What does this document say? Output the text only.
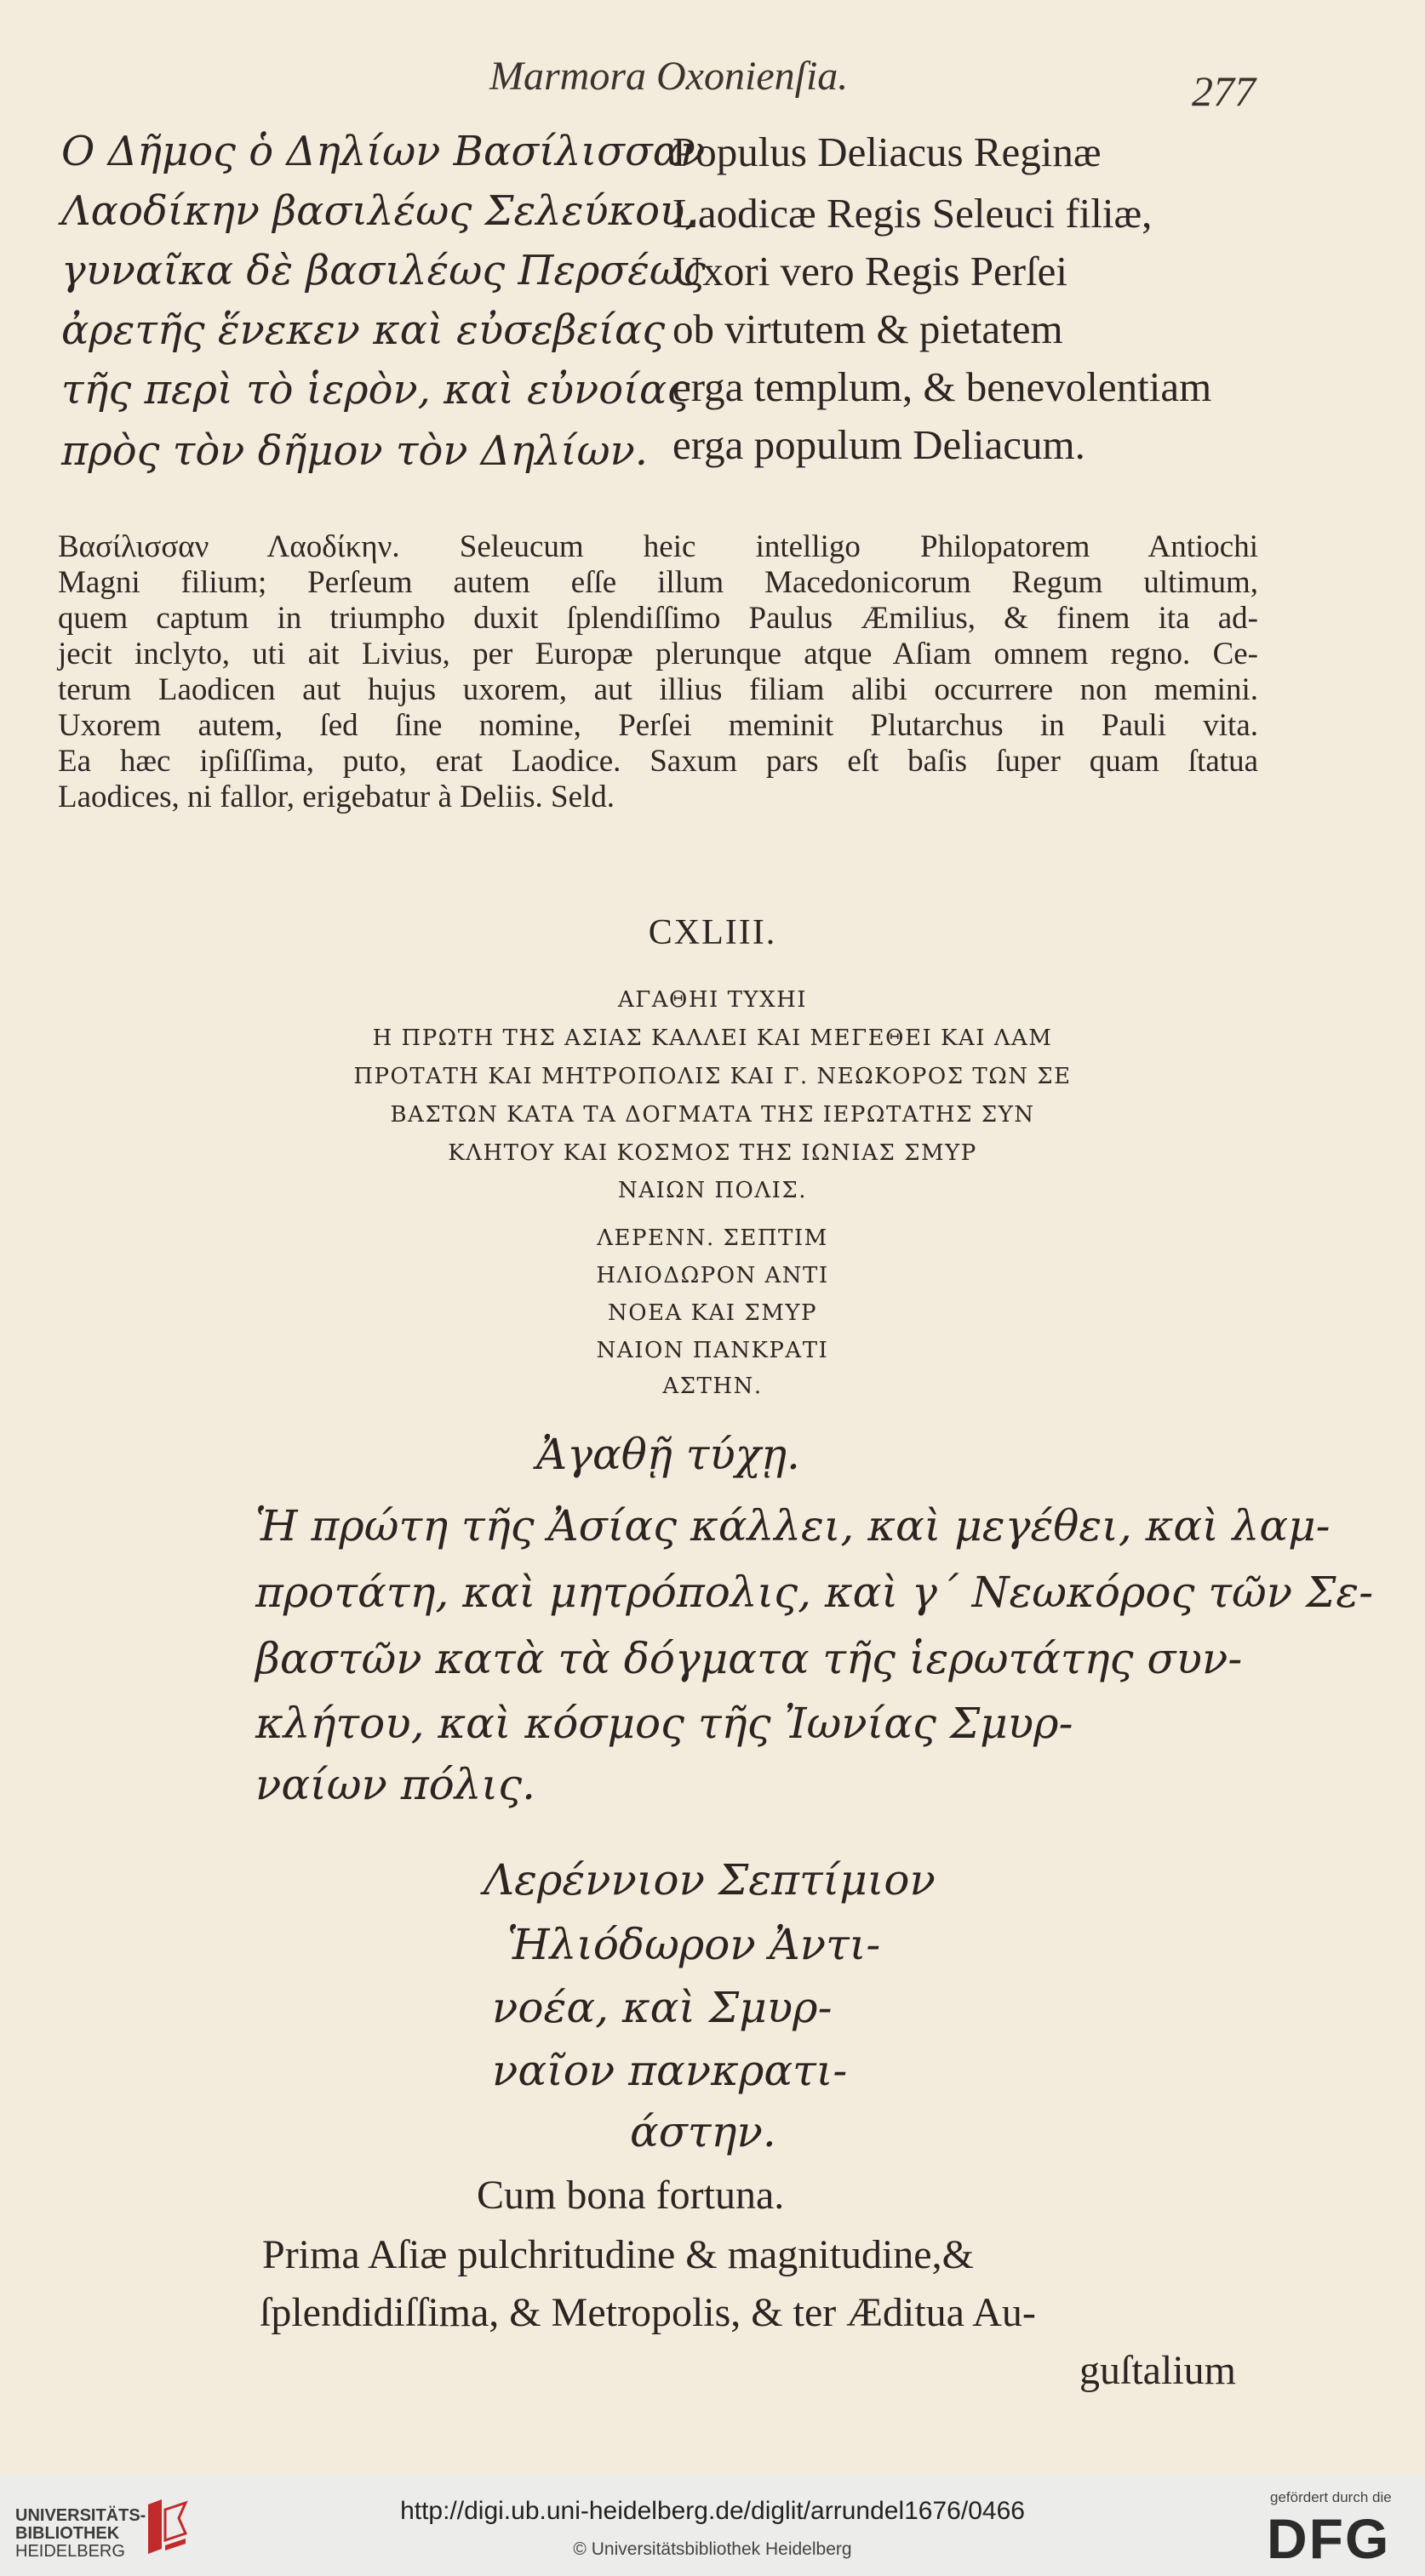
Marmora Oxonienſia.	277
Ο Δῆμος ὁ Δηλίων Βασίλισσαν
Λαοδίκην βασιλέως Σελεύκου,
γυναῖκα δὲ βασιλέως Περσέως
ἀρετῆς ἕνεκεν καὶ εὐσεβείας
τῆς περὶ τὸ ἱερὸν, καὶ εὐνοίας
πρὸς τὸν δῆμον τὸν Δηλίων.
Populus Deliacus Reginæ
Laodicæ Regis Seleuci filiæ,
Uxori vero Regis Perſei
ob virtutem & pietatem
erga templum, & benevolentiam
erga populum Deliacum.
Βασίλισσαν Λαοδίκην. Seleucum heic intelligo Philopatorem Antiochi
Magni filium; Perſeum autem eſſe illum Macedonicorum Regum ultimum,
quem captum in triumpho duxit ſplendiſſimo Paulus Æmilius, & finem ita ad-
jecit inclyto, uti ait Livius, per Europæ plerunque atque Aſiam omnem regno. Ce-
terum Laodicen aut hujus uxorem, aut illius filiam alibi occurrere non memini.
Uxorem autem, ſed ſine nomine, Perſei meminit Plutarchus in Pauli vita.
Ea hæc ipſiſſima, puto, erat Laodice. Saxum pars eſt baſis ſuper quam ſtatua
Laodices, ni fallor, erigebatur à Deliis. Seld.
CXLIII.
ΑΓΑΘΗΙ ΤΥΧΗΙ
Η ΠΡΩΤΗ ΤΗΣ ΑΣΙΑΣ ΚΑΛΛΕΙ ΚΑΙ ΜΕΓΕΘΕΙ ΚΑΙ ΛΑΜ
ΠΡΟΤΑΤΗ ΚΑΙ ΜΗΤΡΟΠΟΛΙΣ ΚΑΙ Γ. ΝΕΩΚΟΡΟΣ ΤΩΝ ΣΕ
ΒΑΣΤΩΝ ΚΑΤΑ ΤΑ ΔΟΓΜΑΤΑ ΤΗΣ ΙΕΡΩΤΑΤΗΣ ΣΥΝ
ΚΛΗΤΟΥ ΚΑΙ ΚΟΣΜΟΣ ΤΗΣ ΙΩΝΙΑΣ ΣΜΥΡ
ΝΑΙΩΝ ΠΟΛΙΣ.
ΛΕΡΕΝΝ. ΣΕΠΤΙΜ
ΗΛΙΟΔΩΡΟΝ ΑΝΤΙ
ΝΟΕΑ ΚΑΙ ΣΜΥΡ
ΝΑΙΟΝ ΠΑΝΚΡΑΤΙ
ΑΣΤΗΝ.
Ἀγαθῇ τύχῃ.
Ἡ πρώτη τῆς Ἀσίας κάλλει, καὶ μεγέθει, καὶ λαμ-
προτάτη, καὶ μητρόπολις, καὶ γ΄ Νεωκόρος τῶν Σε-
βαστῶν κατὰ τὰ δόγματα τῆς ἱερωτάτης συν-
κλήτου, καὶ κόσμος τῆς Ἰωνίας Σμυρ-
ναίων πόλις.
Λερέννιον Σεπτίμιον
Ἡλιόδωρον Ἀντι-
νοέα, καὶ Σμυρ-
ναῖον πανκρατι-
άστην.
Cum bona fortuna.
Prima Aſiæ pulchritudine & magnitudine,&
ſplendidiſſima, & Metropolis, & ter Æditua Au-
guſtalium
UNIVERSITÄTS-
BIBLIOTHEK
HEIDELBERG
http://digi.ub.uni-heidelberg.de/diglit/arrundel1676/0466
© Universitätsbibliothek Heidelberg
gefördert durch die
DFG
